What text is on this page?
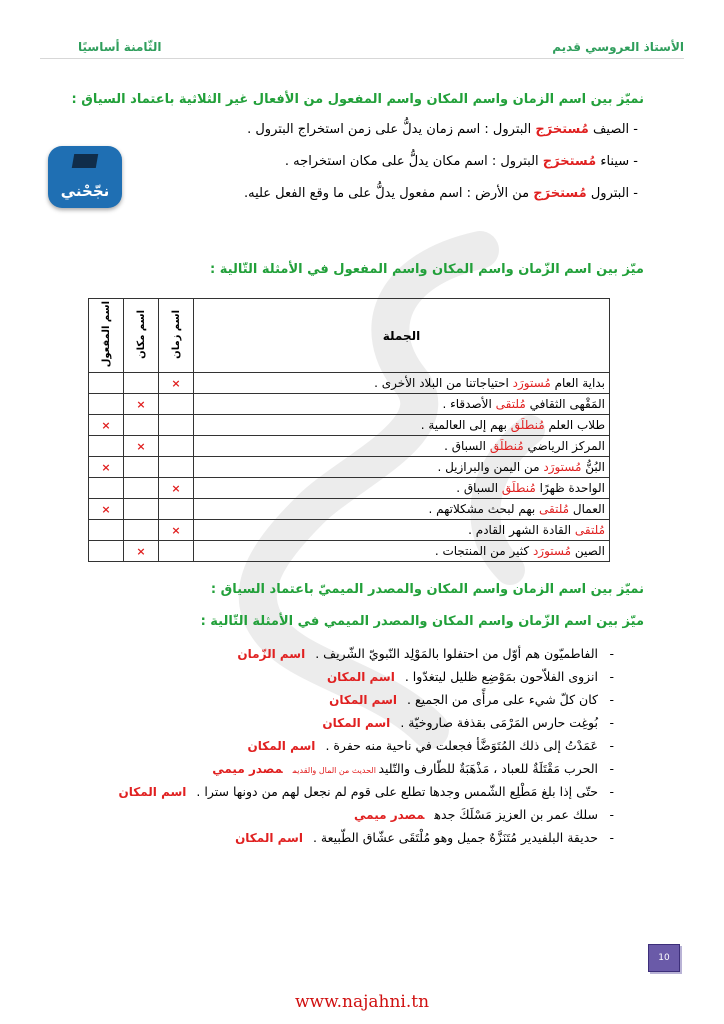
الأستاذ العروسي قديم
الثّامنة أساسيًا
نميّز بين اسم الزمان واسم المكان واسم المفعول من الأفعال غير الثلاثية باعتماد السياق :
- الصيف مُستخرَج البترول : اسم زمان يدلُّ على زمن استخراج البترول .
- سيناء مُستخرَج البترول : اسم مكان يدلُّ على مكان استخراجه .
- البترول مُستخرَج من الأرض : اسم مفعول يدلُّ على ما وقع الفعل عليه.
نجّحْني
ميّز بين اسم الزّمان واسم المكان واسم المفعول في الأمثلة التّالية :
الجملة	اسم زمان	اسم مكان	اسم المفعول
بداية العام مُستورَد احتياجاتنا من البلاد الأخرى .	×		
المَقْهى الثقافي مُلتقى الأصدقاء .		×	
طلاب العلم مُنطلَق بهم إلى العالمية .			×
المركز الرياضي مُنطلَق السباق .		×	
البُنُّ مُستورَد من اليمن والبرازيل .			×
الواحدة ظهرًا مُنطلَق السباق .	×		
العمال مُلتقى بهم لبحث مشكلاتهم .			×
مُلتقى القادة الشهر القادم .	×		
الصين مُستورَد كثير من المنتجات .		×	
نميّز بين اسم الزمان واسم المكان والمصدر الميميّ باعتماد السياق :
ميّز بين اسم الزّمان واسم المكان والمصدر الميمي في الأمثلة التّالية :
- الفاطميّون هم أوّل من احتفلوا بالمَوْلِد النّبويّ الشّريف .اسم الزّمان
- انزوى الفلاّحون بمَوْضِع ظليل ليتغدّوا .اسم المكان
- كان كلّ شيء على مرأًى من الجميع .اسم المكان
- بُوغِت حارس المَرْمَى بقذفة صاروخيّة .اسم المكان
- عَمَدْتُ إلى ذلك المُتَوَضَّأ فجعلت في ناحية منه حفرة .اسم المكان
- الحرب مَقْتَلَةٌ للعباد ، مَذْهَبَةٌ للطّارف والتّليد الحديث من المال والقديممصدر ميمي
- حتّى إذا بلغ مَطْلِع الشّمس وجدها تطلع على قوم لم نجعل لهم من دونها سترا .اسم المكان
- سلك عمر بن العزيز مَسْلَكَ جدهمصدر ميمي
- حديقة البلفيدير مُتَنَزَّهٌ جميل وهو مُلْتَقَى عشّاق الطّبيعة .اسم المكان
10
www.najahni.tn
